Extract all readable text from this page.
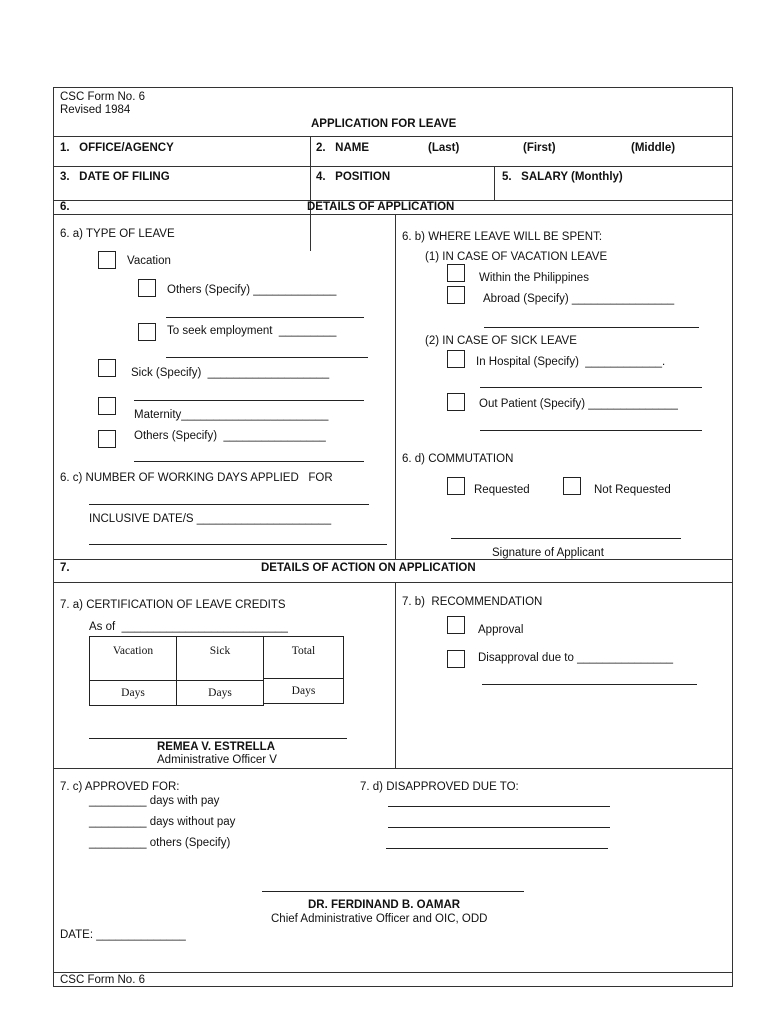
CSC Form No. 6
Revised 1984
APPLICATION FOR LEAVE
1.   OFFICE/AGENCY	2.   NAME	(Last)	(First)	(Middle)
3.   DATE OF FILING	4.   POSITION	5.   SALARY (Monthly)
6.	DETAILS OF APPLICATION
6. a) TYPE OF LEAVE
Vacation
Others (Specify) _____________
To seek employment  _________
Sick (Specify)  ___________________
Maternity_______________________
Others (Specify)  ________________
6. c) NUMBER OF WORKING DAYS APPLIED   FOR
INCLUSIVE DATE/S _____________________
6. b) WHERE LEAVE WILL BE SPENT:
(1) IN CASE OF VACATION LEAVE
Within the Philippines
Abroad (Specify) ________________
(2) IN CASE OF SICK LEAVE
In Hospital (Specify)  ____________.
Out Patient (Specify) ______________
6. d) COMMUTATION
Requested	Not Requested
Signature of Applicant
7.	DETAILS OF ACTION ON APPLICATION
7. a) CERTIFICATION OF LEAVE CREDITS
As of  __________________________
Vacation	Sick	Total
Days	Days	Days
REMEA V. ESTRELLA
Administrative Officer V
7. b)  RECOMMENDATION
Approval
Disapproval due to _______________
7. c) APPROVED FOR:
_________ days with pay
_________ days without pay
_________ others (Specify)
7. d) DISAPPROVED DUE TO:
DR. FERDINAND B. OAMAR
Chief Administrative Officer and OIC, ODD
DATE: ______________
CSC Form No. 6
